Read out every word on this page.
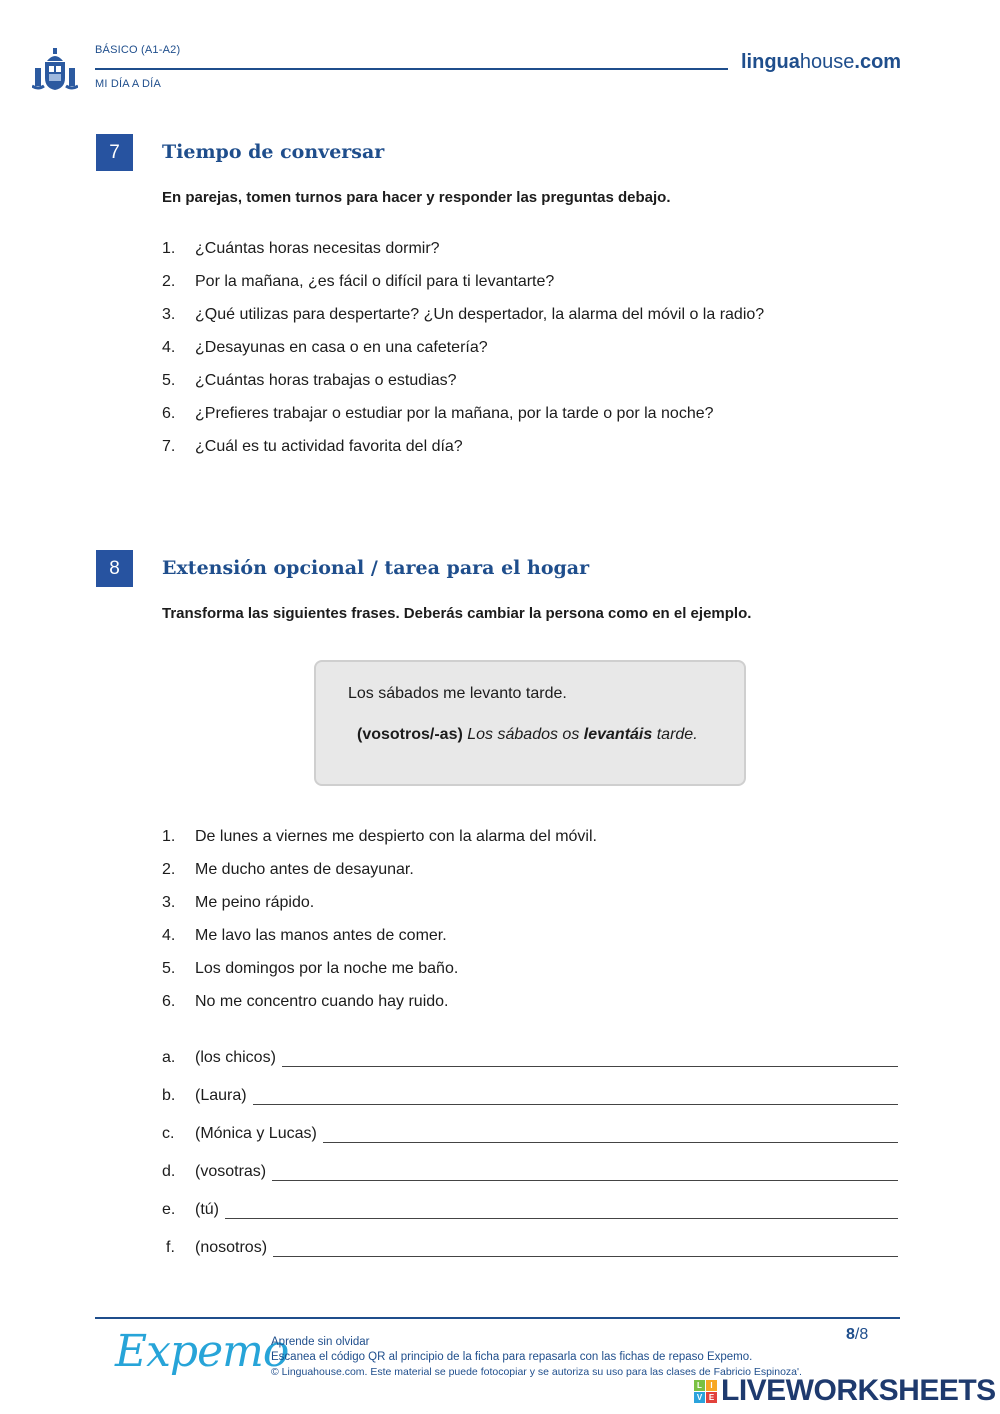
BÁSICO (A1-A2)
MI DÍA A DÍA
linguahouse.com
7	Tiempo de conversar
En parejas, tomen turnos para hacer y responder las preguntas debajo.
1.	¿Cuántas horas necesitas dormir?
2.	Por la mañana, ¿es fácil o difícil para ti levantarte?
3.	¿Qué utilizas para despertarte? ¿Un despertador, la alarma del móvil o la radio?
4.	¿Desayunas en casa o en una cafetería?
5.	¿Cuántas horas trabajas o estudias?
6.	¿Prefieres trabajar o estudiar por la mañana, por la tarde o por la noche?
7.	¿Cuál es tu actividad favorita del día?
8	Extensión opcional / tarea para el hogar
Transforma las siguientes frases. Deberás cambiar la persona como en el ejemplo.
Los sábados me levanto tarde.
(vosotros/-as) Los sábados os levantáis tarde.
1.	De lunes a viernes me despierto con la alarma del móvil.
2.	Me ducho antes de desayunar.
3.	Me peino rápido.
4.	Me lavo las manos antes de comer.
5.	Los domingos por la noche me baño.
6.	No me concentro cuando hay ruido.
a.	(los chicos)
b.	(Laura)
c.	(Mónica y Lucas)
d.	(vosotras)
e.	(tú)
f.	(nosotros)
Expemo
Aprende sin olvidar
Escanea el código QR al principio de la ficha para repasarla con las fichas de repaso Expemo.
© Linguahouse.com. Este material se puede fotocopiar y se autoriza su uso para las clases de Fabricio Espinoza'.
8/8
L	I
V E LIVEWORKSHEETS
